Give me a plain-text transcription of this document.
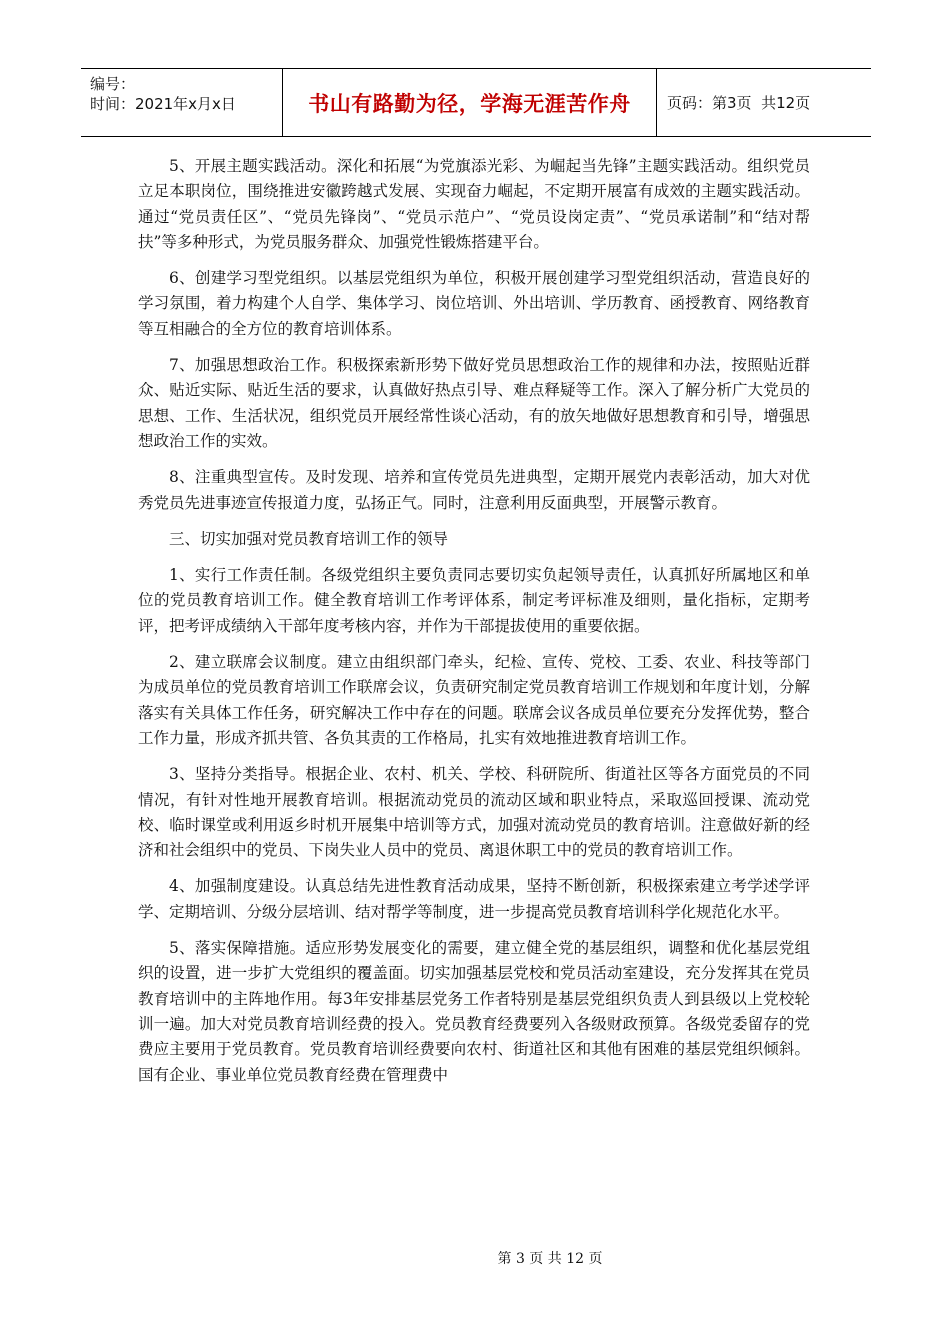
编号：
时间：2021年x月x日	书山有路勤为径，学海无涯苦作舟 页码：第3页  共12页

5、开展主题实践活动。深化和拓展“为党旗添光彩、为崛起当先锋”主题实践活动。组织党员立足本职岗位，围绕推进安徽跨越式发展、实现奋力崛起，不定期开展富有成效的主题实践活动。通过“党员责任区”、“党员先锋岗”、“党员示范户”、“党员设岗定责”、“党员承诺制”和“结对帮扶”等多种形式，为党员服务群众、加强党性锻炼搭建平台。

6、创建学习型党组织。以基层党组织为单位，积极开展创建学习型党组织活动，营造良好的学习氛围，着力构建个人自学、集体学习、岗位培训、外出培训、学历教育、函授教育、网络教育等互相融合的全方位的教育培训体系。

7、加强思想政治工作。积极探索新形势下做好党员思想政治工作的规律和办法，按照贴近群众、贴近实际、贴近生活的要求，认真做好热点引导、难点释疑等工作。深入了解分析广大党员的思想、工作、生活状况，组织党员开展经常性谈心活动，有的放矢地做好思想教育和引导，增强思想政治工作的实效。

8、注重典型宣传。及时发现、培养和宣传党员先进典型，定期开展党内表彰活动，加大对优秀党员先进事迹宣传报道力度，弘扬正气。同时，注意利用反面典型，开展警示教育。

三、切实加强对党员教育培训工作的领导

1、实行工作责任制。各级党组织主要负责同志要切实负起领导责任，认真抓好所属地区和单位的党员教育培训工作。健全教育培训工作考评体系，制定考评标准及细则，量化指标，定期考评，把考评成绩纳入干部年度考核内容，并作为干部提拔使用的重要依据。

2、建立联席会议制度。建立由组织部门牵头，纪检、宣传、党校、工委、农业、科技等部门为成员单位的党员教育培训工作联席会议，负责研究制定党员教育培训工作规划和年度计划，分解落实有关具体工作任务，研究解决工作中存在的问题。联席会议各成员单位要充分发挥优势，整合工作力量，形成齐抓共管、各负其责的工作格局，扎实有效地推进教育培训工作。

3、坚持分类指导。根据企业、农村、机关、学校、科研院所、街道社区等各方面党员的不同情况，有针对性地开展教育培训。根据流动党员的流动区域和职业特点，采取巡回授课、流动党校、临时课堂或利用返乡时机开展集中培训等方式，加强对流动党员的教育培训。注意做好新的经济和社会组织中的党员、下岗失业人员中的党员、离退休职工中的党员的教育培训工作。

4、加强制度建设。认真总结先进性教育活动成果，坚持不断创新，积极探索建立考学述学评学、定期培训、分级分层培训、结对帮学等制度，进一步提高党员教育培训科学化规范化水平。

5、落实保障措施。适应形势发展变化的需要，建立健全党的基层组织，调整和优化基层党组织的设置，进一步扩大党组织的覆盖面。切实加强基层党校和党员活动室建设，充分发挥其在党员教育培训中的主阵地作用。每3年安排基层党务工作者特别是基层党组织负责人到县级以上党校轮训一遍。加大对党员教育培训经费的投入。党员教育经费要列入各级财政预算。各级党委留存的党费应主要用于党员教育。党员教育培训经费要向农村、街道社区和其他有困难的基层党组织倾斜。国有企业、事业单位党员教育经费在管理费中

第 3 页 共 12 页
